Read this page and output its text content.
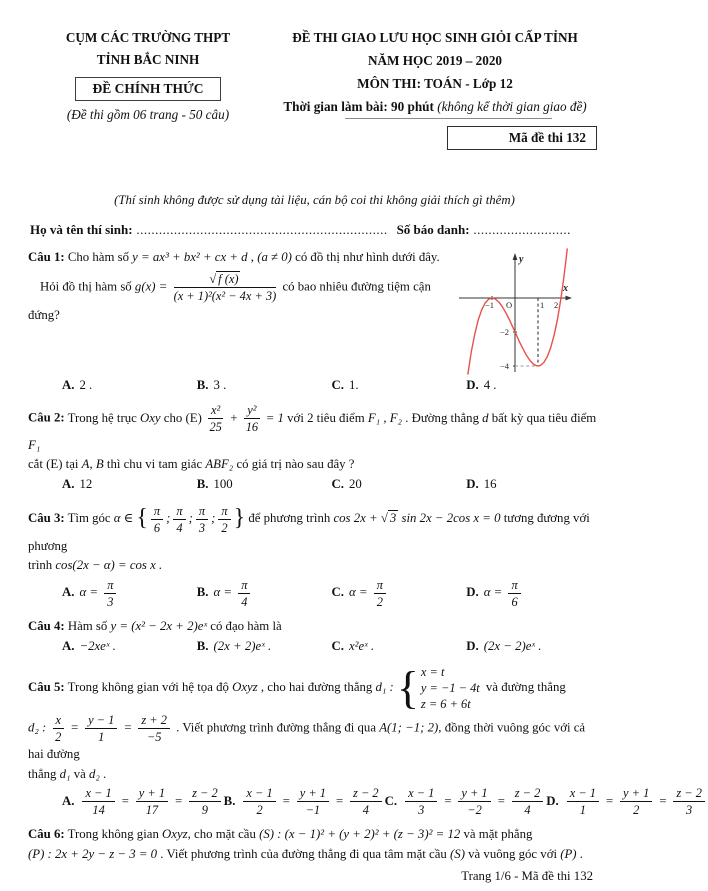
CỤM CÁC TRƯỜNG THPT
TỈNH BẮC NINH
ĐỀ CHÍNH THỨC
(Đề thi gồm 06 trang - 50 câu)
ĐỀ THI GIAO LƯU HỌC SINH GIỎI CẤP TỈNH
NĂM HỌC 2019 – 2020
MÔN THI: TOÁN - Lớp 12
Thời gian làm bài: 90 phút (không kể thời gian giao đề)
Mã đề thi 132
(Thí sinh không được sử dụng tài liệu, cán bộ coi thi không giải thích gì thêm)
Họ và tên thí sinh: ................................................................... Số báo danh: ..........................
x
y
O
−1	1 2
−2
−4
Câu 1: Cho hàm số y = ax³ + bx² + cx + d , (a ≠ 0) có đồ thị như hình dưới đây.
Hỏi đồ thị hàm số $g(x) = \frac{√ f (x)}{\text{(x + 1)²(x² − 4x + 3)}}$ có bao nhiêu đường tiệm cận
đứng?
A. 2 .	B. 3 .	C. 1.	D. 4 .
Câu 2: Trong hệ trục Oxy cho $(E) \frac{\text{x²}}{25} + \frac{\text{y²}}{16} = 1$ với 2 tiêu điểm F₁ , F₂ . Đường thẳng d bất kỳ qua tiêu điểm F₁
cắt (E) tại A, B thì chu vi tam giác ABF₂ có giá trị nào sau đây ?
A. 12	B. 100	C. 20	D. 16
Câu 3: Tìm góc α ∈ { $\frac{\pi}{6}$ ; $\frac{\pi}{4}$ ; $\frac{\pi}{3}$ ; $\frac{\pi}{2}$ } để phương trình cos 2x + √ 3 sin 2x − 2cos x = 0 tương đương với phương
trình cos(2x − α) = cos x .
A. $\alpha = \frac{\pi}{3}$	B. $\alpha = \frac{\pi}{4}$	C. $\alpha = \frac{\pi}{2}$	D. $\alpha = \frac{\pi}{6}$
Câu 4: Hàm số y = (x² − 2x + 2)eˣ có đạo hàm là
A. −2xeˣ .	B. (2x + 2)eˣ .	C. x²eˣ .	D. (2x − 2)eˣ .
Câu 5: Trong không gian với hệ tọa độ Oxyz , cho hai đường thẳng d₁ : { x = t
y = −1 − 4t
z = 6 + 6t
và đường thẳng
d₂ : $\frac{x}{2} = \frac{y - 1}{1} = \frac{z + 2}{-5}$ . Viết phương trình đường thẳng đi qua A(1; −1; 2), đồng thời vuông góc với cả hai đường
thẳng d₁ và d₂ .
A. $\frac{x - 1}{14} = \frac{y + 1}{17} = \frac{z - 2}{9} B$. $\frac{x - 1}{2} = \frac{y + 1}{-1} = \frac{z - 2}{4} C$. $\frac{x - 1}{3} = \frac{y + 1}{-2} = \frac{z - 2}{4} D$. $\frac{x - 1}{1} = \frac{y + 1}{2} = \frac{z - 2}{3}$
Câu 6: Trong không gian Oxyz, cho mặt cầu (S) : (x − 1)² + (y + 2)² + (z − 3)² = 12 và mặt phẳng
(P) : 2x + 2y − z − 3 = 0 . Viết phương trình của đường thẳng đi qua tâm mặt cầu (S) và vuông góc với (P) .
Trang 1/6 - Mã đề thi 132
